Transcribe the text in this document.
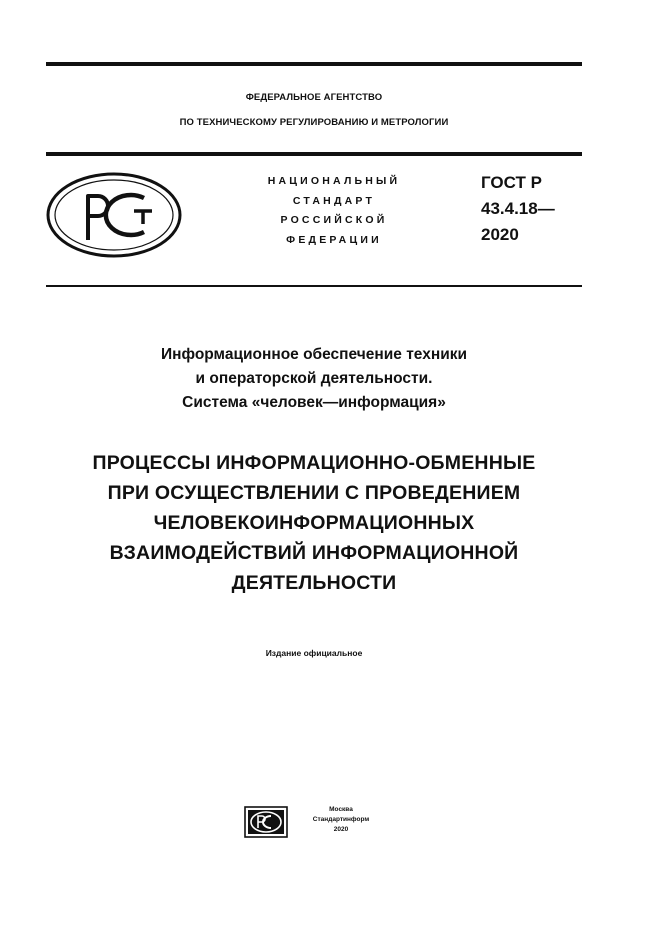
ФЕДЕРАЛЬНОЕ АГЕНТСТВО
ПО ТЕХНИЧЕСКОМУ РЕГУЛИРОВАНИЮ И МЕТРОЛОГИИ
НАЦИОНАЛЬНЫЙ
СТАНДАРТ
РОССИЙСКОЙ
ФЕДЕРАЦИИ
ГОСТ Р
43.4.18—
2020
Информационное обеспечение техники
и операторской деятельности.
Система «человек—информация»
ПРОЦЕССЫ ИНФОРМАЦИОННО-ОБМЕННЫЕ
ПРИ ОСУЩЕСТВЛЕНИИ С ПРОВЕДЕНИЕМ
ЧЕЛОВЕКОИНФОРМАЦИОННЫХ
ВЗАИМОДЕЙСТВИЙ ИНФОРМАЦИОННОЙ
ДЕЯТЕЛЬНОСТИ
Издание официальное
Москва
Стандартинформ
2020
